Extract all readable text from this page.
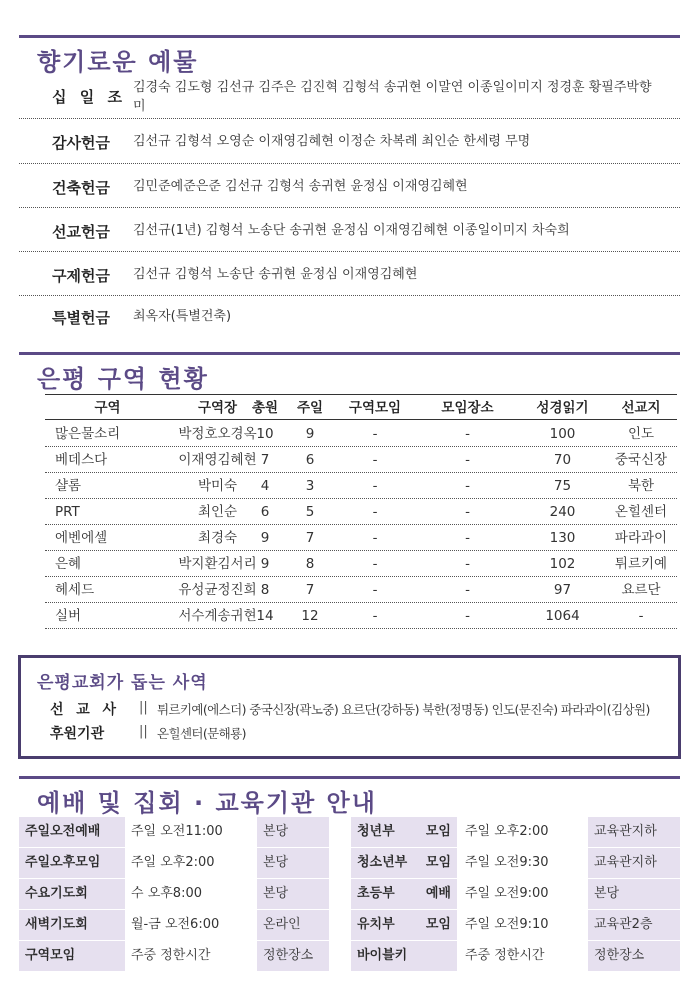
향기로운 예물
십 일 조
김경숙 김도형 김선규 김주은 김진혁 김형석 송귀현 이말연 이종일이미지 정경훈 황필주박향미
감사헌금	김선규 김형석 오영순 이재영김혜현 이정순 차복례 최인순 한세령 무명
건축헌금	김민준예준은준 김선규 김형석 송귀현 윤정심 이재영김혜현
선교헌금	김선규(1년) 김형석 노송단 송귀현 윤정심 이재영김혜현 이종일이미지 차숙희
구제헌금	김선규 김형석 노송단 송귀현 윤정심 이재영김혜현
특별헌금	최옥자(특별건축)
은평 구역 현황
구역	구역장	총원	주일	구역모임	모임장소	성경읽기	선교지
많은물소리	박정호오경옥 10	9	-	-	100	인도
베데스다	이재영김혜현 7	6	-	-	70	중국신장
샬롬	박미숙	4	3	-	-	75	북한
PRT	최인순	6	5	-	-	240	온힐센터
에벤에셀	최경숙	9	7	-	-	130	파라과이
은혜	박지환김서리 9	8	-	-	102	튀르키예
헤세드	유성균정진희 8	7	-	-	97	요르단
실버	서수계송귀현 14	12	-	-	1064	-
은평교회가 돕는 사역
선 교 사 || 튀르키예(에스더) 중국신장(곽노중) 요르단(강하동) 북한(정명동) 인도(문진숙) 파라과이(김상원)
후원기관	|| 온힐센터(문해룡)
예배 및 집회 · 교육기관 안내
주일오전예배	주일 오전11:00	본당
주일오후모임	주일 오후2:00	본당
수요기도회	수 오후8:00	본당
새벽기도회	월-금 오전6:00	온라인
구역모임	주중 정한시간	정한장소
청년부 모임	주일 오후2:00	교육관지하
청소년부 모임	주일 오전9:30	교육관지하
초등부 예배	주일 오전9:00	본당
유치부 모임	주일 오전9:10	교육관2층
바이블키	주중 정한시간	정한장소
